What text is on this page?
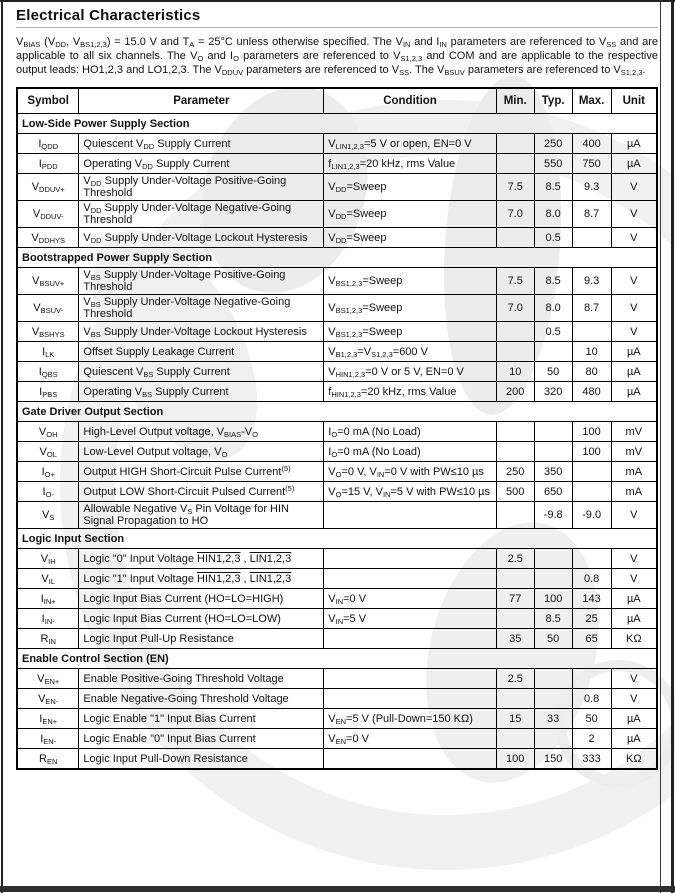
Electrical Characteristics

$V_{BIAS}$ ($V_{DD}$, $V_{BS1,2,3}) = 15.0$ V and $T_A = 25^\circ C$ unless otherwise specified. The $V_{IN}$ and $I_{IN}$ parameters are referenced to $V_{SS}$ and are applicable to all six channels. The $V_O$ and $I_O$ parameters are referenced to $V_{S1,2,3}$ and COM and are applicable to the respective output leads: HO1,2,3 and LO1,2,3. The $V_{DDUV}$ parameters are referenced to $V_{SS}$. The $V_{BSUV}$ parameters are referenced to $V_{S1,2,3}$.

Symbol	Parameter	Condition	Min.	Typ.	Max.	Unit
Low-Side Power Supply Section						
$I_{QDD}$	Quiescent $V_{DD}$ Supply Current	$V_{LIN1,2,3}=5$ V or open, EN=0 V		250	400	µA
$I_{PDD}$	Operating $V_{DD}$ Supply Current	$f_{LIN1,2,3}=20$ kHz, rms Value		550	750	µA
$V_{DDUV+}$	$V_{DD}$ Supply Under-Voltage Positive-Going Threshold	$V_{DD}=Sweep$	7.5	8.5	9.3	V
$V_{DDUV-}$	$V_{DD}$ Supply Under-Voltage Negative-Going Threshold	$V_{DD}=Sweep$	7.0	8.0	8.7	V
$V_{DDHYS}$	$V_{DD}$ Supply Under-Voltage Lockout Hysteresis	$V_{DD}=Sweep$		0.5		V
Bootstrapped Power Supply Section						
$V_{BSUV+}$	$V_{BS}$ Supply Under-Voltage Positive-Going Threshold	$V_{BS1,2,3}=Sweep$	7.5	8.5	9.3	V
$V_{BSUV-}$	$V_{BS}$ Supply Under-Voltage Negative-Going Threshold	$V_{BS1,2,3}=Sweep$	7.0	8.0	8.7	V
$V_{BSHYS}$	$V_{BS}$ Supply Under-Voltage Lockout Hysteresis	$V_{BS1,2,3}=Sweep$		0.5		V
$I_{LK}$	Offset Supply Leakage Current	$V_{B1,2,3}=V_{S1,2,3}=600$ V			10	µA
$I_{QBS}$	Quiescent $V_{BS}$ Supply Current	$V_{HIN1,2,3}=0$ V or 5 V, EN=0 V	10	50	80	µA
$I_{PBS}$	Operating $V_{BS}$ Supply Current	$f_{HIN1,2,3}=20$ kHz, rms Value	200	320	480	µA
Gate Driver Output Section						
$V_{OH}$	High-Level Output voltage, $V_{BIAS}-V_O$	$I_O=0$ mA (No Load)			100	mV
$V_{OL}$	Low-Level Output voltage, $V_O$	$I_O=0$ mA (No Load)			100	mV
$I_{O+}$	Output HIGH Short-Circuit Pulse Current$^{(5)}$	$V_O=0$ V, $V_{IN}=0$ V with PW≤10 µs	250	350		mA
$I_{O-}$	Output LOW Short-Circuit Pulsed Current$^{(5)}$	$V_O=15$ V, $V_{IN}=5$ V with PW≤10 µs	500	650		mA
$V_S$	Allowable Negative $V_S$ Pin Voltage for HIN Signal Propagation to HO			-9.8	-9.0	V
Logic Input Section						
$V_{IH}$	Logic "0" Input Voltage HIN1,2,3 , LIN1,2,3		2.5			V
$V_{IL}$	Logic "1" Input Voltage HIN1,2,3 , LIN1,2,3				0.8	V
$I_{IN+}$	Logic Input Bias Current (HO=LO=HIGH)	$V_{IN}=0$ V	77	100	143	µA
$I_{IN-}$	Logic Input Bias Current (HO=LO=LOW)	$V_{IN}=5$ V		8.5	25	µA
$R_{IN}$	Logic Input Pull-Up Resistance		35	50	65	KΩ
Enable Control Section (EN)						
$V_{EN+}$	Enable Positive-Going Threshold Voltage		2.5			V
$V_{EN-}$	Enable Negative-Going Threshold Voltage				0.8	V
$I_{EN+}$	Logic Enable "1" Input Bias Current	$V_{EN}=5$ V (Pull-Down=150 KΩ)	15	33	50	µA
$I_{EN-}$	Logic Enable "0" Input Bias Current	$V_{EN}=0$ V			2	µA
$R_{EN}$	Logic Input Pull-Down Resistance		100	150	333	KΩ
